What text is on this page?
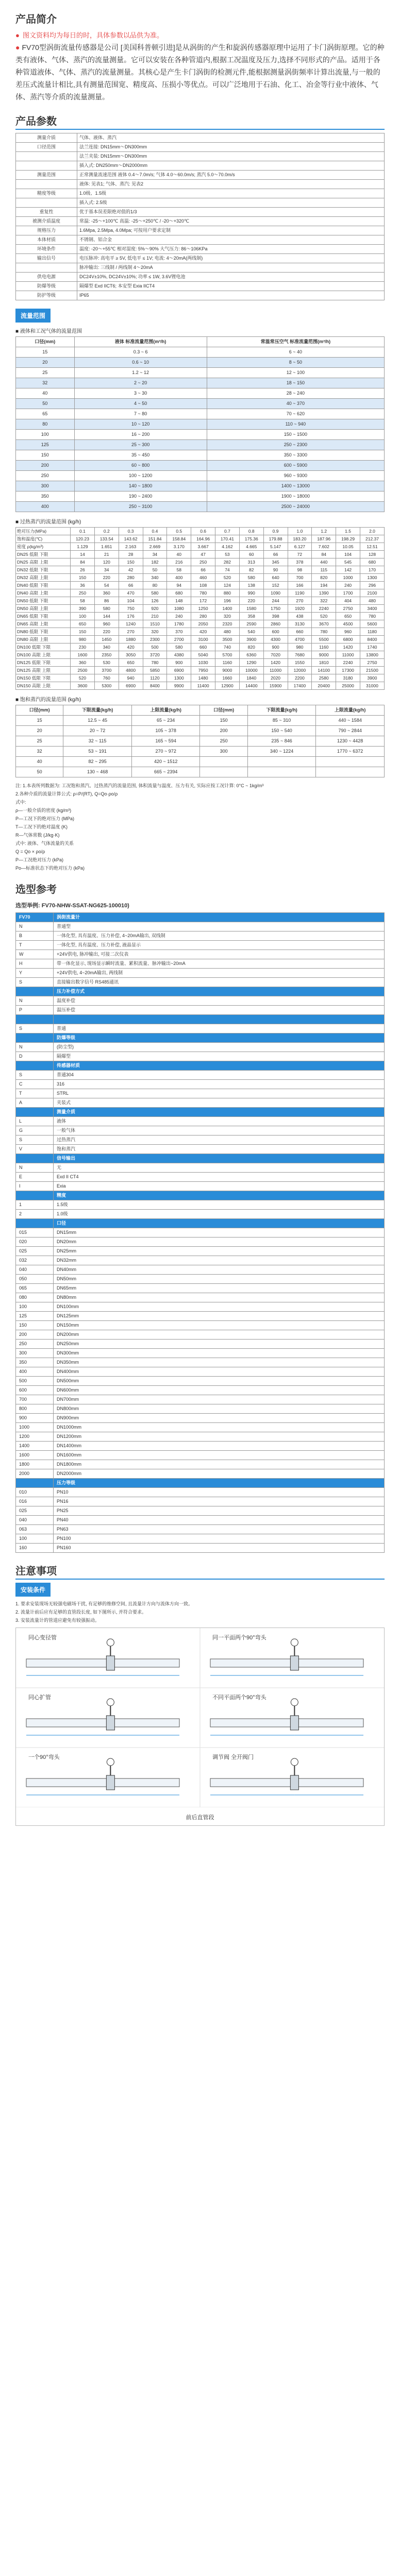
产品简介
● 图文资料均为每日的时，具体参数以品供为准。
● FV70型涡街流量传感器是公司 [美国科普顿引进]是从涡街的产生和旋涡传感器原理中运用了卡门涡街原理。它的种类有液体、气体、蒸汽的流量测量。它可以安装在各种管道内,根据工况温度及压力,选择不同形式的产品。适用于各种管道液体、气体、蒸汽的流量测量。其核心是产生卡门涡街的检测元件,能根据测量涡街频率计算出流量,与一般的差压式流量计相比,具有测量范围宽、精度高、压损小等优点。可以广泛地用于石油、化工、冶金等行业中液体、气体、蒸汽等介质的流量测量。
产品参数
测量介质	气体、液体、蒸汽
口径范围	法兰连接: DN15mm～DN300mm
	法兰夹装: DN15mm～DN300mm
	插入式: DN250mm～DN2000mm
测量范围	正常测量流速范围 液体 0.4～7.0m/s; 气体 4.0～60.0m/s; 蒸汽 5.0～70.0m/s
	液体: 见表1; 气体、蒸汽: 见表2
精度等级	1.0级、1.5级
	插入式: 2.5级
重复性	优于基本误差限绝对值的1/3
被测介质温度	常温: -25～+100℃ 高温: -25～+250℃ / -20～+320℃
规格压力	1.6Mpa, 2.5Mpa, 4.0Mpa; 可按用户要求定制
本体材质	不锈钢、铝合金
环境条件	温度: -20～+55℃ 相对湿度: 5%～90% 大气压力: 86～106KPa
输出信号	电压脉冲: 高电平 ≥ 5V, 低电平 ≤ 1V; 电流: 4～20mA(两线制)
	脉冲输出: 三线制 / 两线制 4～20mA
供电电源	DC24V±10%, DC24V±10%; 功率 ≤ 1W, 3.6V锂电池
防爆等级	隔爆型 Exd IICT6; 本安型 Exia IICT4
防护等级	IP65
流量范围
■ 液体和工况气体的流量范围
口径(mm)	液体 标准流量范围(m³/h)	常温常压空气 标准流量范围(m³/h)
15	0.3 ~ 6	6 ~ 40
20	0.6 ~ 10	8 ~ 50
25	1.2 ~ 12	12 ~ 100
32	2 ~ 20	18 ~ 150
40	3 ~ 30	28 ~ 240
50	4 ~ 50	40 ~ 370
65	7 ~ 80	70 ~ 620
80	10 ~ 120	110 ~ 940
100	16 ~ 200	150 ~ 1500
125	25 ~ 300	250 ~ 2300
150	35 ~ 450	350 ~ 3300
200	60 ~ 800	600 ~ 5900
250	100 ~ 1200	960 ~ 9300
300	140 ~ 1800	1400 ~ 13000
350	190 ~ 2400	1900 ~ 18000
400	250 ~ 3100	2500 ~ 24000
■ 过热蒸汽的流量范围 (kg/h)
绝对压力(MPa)	0.1	0.2	0.3	0.4	0.5	0.6	0.7	0.8	0.9	1.0	1.2	1.5	2.0
饱和温度(℃)	120.23	133.54	143.62	151.84	158.84	164.96	170.41	175.36	179.88	183.20	187.96	198.29	212.37
密度 ρ(kg/m³)	1.129	1.651	2.163	2.669	3.170	3.667	4.162	4.665	5.147	6.127	7.602	10.05	12.51
DN25 低限 下限	14	21	28	34	40	47	53	60	66	72	84	104	128
DN25 高限 上限	84	120	150	182	216	250	282	313	345	378	440	545	680
DN32 低限 下限	26	34	42	50	58	66	74	82	90	98	115	142	170
DN32 高限 上限	150	220	280	340	400	460	520	580	640	700	820	1000	1300
DN40 低限 下限	36	54	66	80	94	108	124	138	152	166	194	240	296
DN40 高限 上限	250	360	470	580	680	780	880	990	1090	1190	1390	1700	2100
DN50 低限 下限	58	86	104	126	148	172	196	220	244	270	322	404	480
DN50 高限 上限	390	580	750	920	1080	1250	1400	1580	1750	1920	2240	2750	3400
DN65 低限 下限	100	144	176	210	240	280	320	358	398	438	520	650	780
DN65 高限 上限	650	960	1240	1510	1780	2050	2320	2590	2860	3130	3670	4500	5600
DN80 低限 下限	150	220	270	320	370	420	480	540	600	660	780	960	1180
DN80 高限 上限	980	1450	1880	2300	2700	3100	3500	3900	4300	4700	5500	6800	8400
DN100 低限 下限	230	340	420	500	580	660	740	820	900	980	1160	1420	1740
DN100 高限 上限	1600	2350	3050	3720	4380	5040	5700	6360	7020	7680	9000	11000	13800
DN125 低限 下限	360	530	650	780	900	1030	1160	1290	1420	1550	1810	2240	2750
DN125 高限 上限	2500	3700	4800	5850	6900	7950	9000	10000	11000	12000	14100	17300	21500
DN150 低限 下限	520	760	940	1120	1300	1480	1660	1840	2020	2200	2580	3180	3900
DN150 高限 上限	3600	5300	6900	8400	9900	11400	12900	14400	15900	17400	20400	25000	31000
■ 饱和蒸汽的流量范围 (kg/h)
口径(mm)	下限流量(kg/h)	上限流量(kg/h)	口径(mm)	下限流量(kg/h)	上限流量(kg/h)
15	12.5 ~ 45	65 ~ 234	150	85 ~ 310	440 ~ 1584
20	20 ~ 72	105 ~ 378	200	150 ~ 540	790 ~ 2844
25	32 ~ 115	165 ~ 594	250	235 ~ 846	1230 ~ 4428
32	53 ~ 191	270 ~ 972	300	340 ~ 1224	1770 ~ 6372
40	82 ~ 295	420 ~ 1512			
50	130 ~ 468	665 ~ 2394			
注: 1.本表所列数据为: 工况饱和蒸汽、过热蒸汽的流量范围, 体积流量与温度、压力有关, 实际应按工况计算: 0°C ~ 1kg/m³
2.各种介质的流量计算公式: ρ=P/(RT), Q=Qo·ρo/ρ
式中:
ρ—一般介质的密度 (kg/m³)
P—工况下的绝对压力 (MPa)
T—工况下的绝对温度 (K)
R—气体常数 (J/kg·K)
式中: 液体、气体流量的关系
Q = Qo × ρo/ρ
P—工况绝对压力 (kPa)
Po—标准状态下的绝对压力 (kPa)
选型参考
选型举例: FV70-NHW-SSAT-NG625-100010)
FV70	涡街流量计
N	普通型
B	一体化型, 具有温度、压力补偿, 4~20mA输出, 双线制
T	一体化型, 具有温度、压力补偿, 液晶显示
W	+24V供电, 脉冲输出, 可接二次仪表
H	带一体化显示, 现场显示瞬时流量、累积流量、脉冲输出~20mA
Y	+24V供电, 4~20mA输出, 两线制
S	直接输出数字信号 RS485通讯
	压力补偿方式
N	温度补偿
P	温压补偿

S	普通
	防爆等级
N	(防尘型)
D	隔爆型
	传感器材质
S	普通304
C	316
T	STRL
A	夹装式
	测量介质
L	液体
G	一般气体
S	过热蒸汽
V	饱和蒸汽
	信号输出
N	无
E	Exd II CT4
I	Exia
	精度
1	1.5级
2	1.0级
	口径
015	DN15mm
020	DN20mm
025	DN25mm
032	DN32mm
040	DN40mm
050	DN50mm
065	DN65mm
080	DN80mm
100	DN100mm
125	DN125mm
150	DN150mm
200	DN200mm
250	DN250mm
300	DN300mm
350	DN350mm
400	DN400mm
500	DN500mm
600	DN600mm
700	DN700mm
800	DN800mm
900	DN900mm
1000	DN1000mm
1200	DN1200mm
1400	DN1400mm
1600	DN1600mm
1800	DN1800mm
2000	DN2000mm
	压力等级
010	PN10
016	PN16
025	PN25
040	PN40
063	PN63
100	PN100
160	PN160
注意事项
安装条件
1. 要求安装现场无较强电磁场干扰, 有足够的维修空间, 且流量计方向与流体方向一致。
2. 流量计前后应有足够的直管段长度, 如下图所示, 并符合要求。
3. 安装流量计的管道应避免有较强振动。
同心变径管	同一平面两个90°弯头
同心扩管	不同平面两个90°弯头
一个90°弯头	调节阀 全开阀门
前后直管段
